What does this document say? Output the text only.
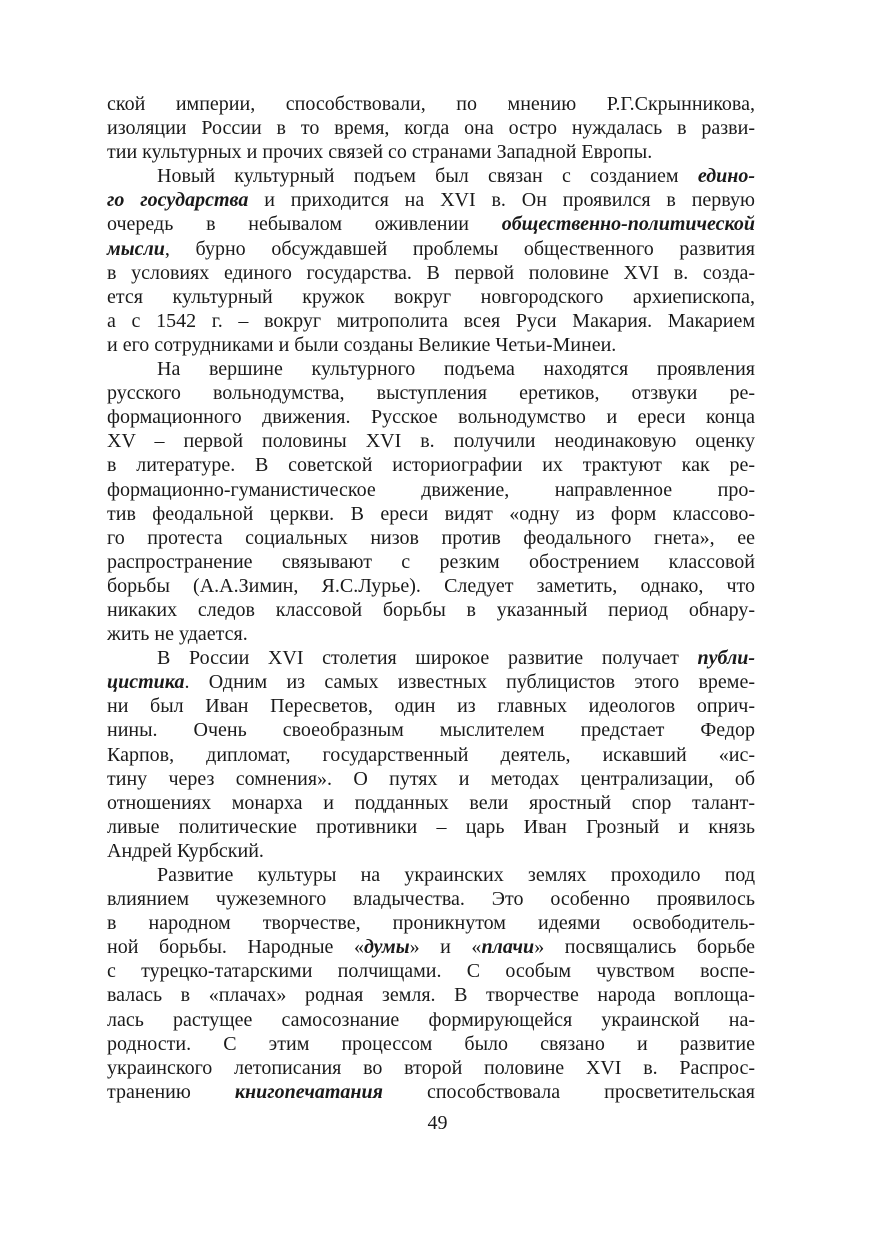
ской империи, способствовали, по мнению Р.Г.Скрынникова,

изоляции России в то время, когда она остро нуждалась в разви-

тии культурных и прочих связей со странами Западной Европы.

Новый культурный подъем был связан с созданием едино-

го государства и приходится на XVI в. Он проявился в первую

очередь в небывалом оживлении общественно-политической

мысли, бурно обсуждавшей проблемы общественного развития

в условиях единого государства. В первой половине XVI в. созда-

ется культурный кружок вокруг новгородского архиепископа,

а с 1542 г. – вокруг митрополита всея Руси Макария. Макарием

и его сотрудниками и были созданы Великие Четьи-Минеи.

На вершине культурного подъема находятся проявления

русского вольнодумства, выступления еретиков, отзвуки ре-

формационного движения. Русское вольнодумство и ереси конца

XV – первой половины XVI в. получили неодинаковую оценку

в литературе. В советской историографии их трактуют как ре-

формационно-гуманистическое движение, направленное про-

тив феодальной церкви. В ереси видят «одну из форм классово-

го протеста социальных низов против феодального гнета», ее

распространение связывают с резким обострением классовой

борьбы (А.А.Зимин, Я.С.Лурье). Следует заметить, однако, что

никаких следов классовой борьбы в указанный период обнару-

жить не удается.

В России XVI столетия широкое развитие получает публи-

цистика. Одним из самых известных публицистов этого време-

ни был Иван Пересветов, один из главных идеологов оприч-

нины. Очень своеобразным мыслителем предстает Федор

Карпов, дипломат, государственный деятель, искавший «ис-

тину через сомнения». О путях и методах централизации, об

отношениях монарха и подданных вели яростный спор талант-

ливые политические противники – царь Иван Грозный и князь

Андрей Курбский.

Развитие культуры на украинских землях проходило под

влиянием чужеземного владычества. Это особенно проявилось

в народном творчестве, проникнутом идеями освободитель-

ной борьбы. Народные «думы» и «плачи» посвящались борьбе

с турецко-татарскими полчищами. С особым чувством воспе-

валась в «плачах» родная земля. В творчестве народа воплоща-

лась растущее самосознание формирующейся украинской на-

родности. С этим процессом было связано и развитие

украинского летописания во второй половине XVI в. Распрос-

транению книгопечатания способствовала просветительская

49
